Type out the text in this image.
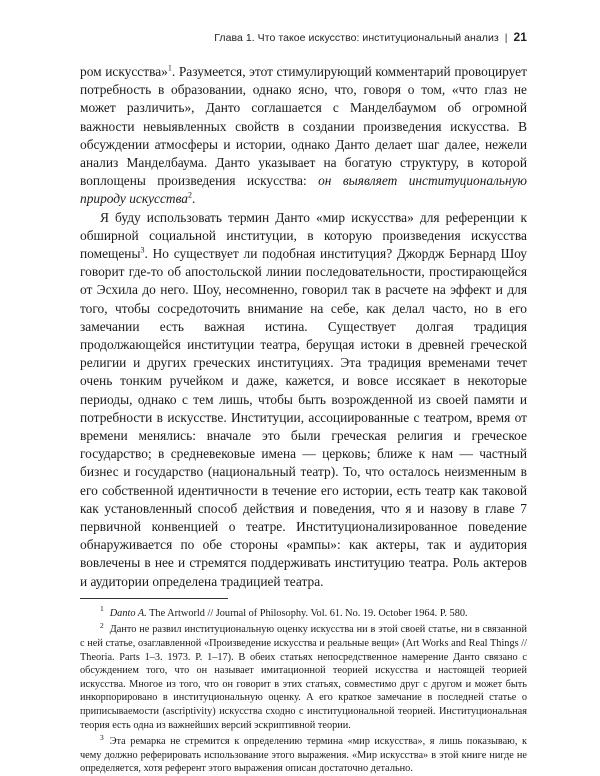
Глава 1. Что такое искусство: институциональный анализ | 21

ром искусства»$^1$. Разумеется, этот стимулирующий комментарий провоцирует потребность в образовании, однако ясно, что, говоря о том, «что глаз не может различить», Данто соглашается с Манделбаумом об огромной важности невыявленных свойств в создании произведения искусства. В обсуждении атмосферы и истории, однако Данто делает шаг далее, нежели анализ Манделбаума. Данто указывает на богатую структуру, в которой воплощены произведения искусства: он выявляет институциональную природу искусства$^2$.

Я буду использовать термин Данто «мир искусства» для референции к обширной социальной институции, в которую произведения искусства помещены$^3$. Но существует ли подобная институция? Джордж Бернард Шоу говорит где-то об апостольской линии последовательности, простирающейся от Эсхила до него. Шоу, несомненно, говорил так в расчете на эффект и для того, чтобы сосредоточить внимание на себе, как делал часто, но в его замечании есть важная истина. Существует долгая традиция продолжающейся институции театра, берущая истоки в древней греческой религии и других греческих институциях. Эта традиция временами течет очень тонким ручейком и даже, кажется, и вовсе иссякает в некоторые периоды, однако с тем лишь, чтобы быть возрожденной из своей памяти и потребности в искусстве. Институции, ассоциированные с театром, время от времени менялись: вначале это были греческая религия и греческое государство; в средневековые имена — церковь; ближе к нам — частный бизнес и государство (национальный театр). То, что осталось неизменным в его собственной идентичности в течение его истории, есть театр как таковой как установленный способ действия и поведения, что я и назову в главе 7 первичной конвенцией о театре. Институционализированное поведение обнаруживается по обе стороны «рампы»: как актеры, так и аудитория вовлечены в нее и стремятся поддерживать институцию театра. Роль актеров и аудитории определена традицией театра.

$^1$ Danto A. The Artworld // Journal of Philosophy. Vol. 61. No. 19. October 1964. P. 580.

$^2$ Данто не развил институциональную оценку искусства ни в этой своей статье, ни в связанной с ней статье, озаглавленной «Произведение искусства и реальные вещи» (Art Works and Real Things // Theoria. Parts 1–3. 1973. P. 1–17). В обеих статьях непосредственное намерение Данто связано с обсуждением того, что он называет имитационной теорией искусства и настоящей теорией искусства. Многое из того, что он говорит в этих статьях, совместимо друг с другом и может быть инкорпорировано в институциональную оценку. А его краткое замечание в последней статье о приписываемости (ascriptivity) искусства сходно с институциональной теорией. Институциональная теория есть одна из важнейших версий эскриптивной теории.

$^3$ Эта ремарка не стремится к определению термина «мир искусства», я лишь показываю, к чему должно реферировать использование этого выражения. «Мир искусства» в этой книге нигде не определяется, хотя референт этого выражения описан достаточно детально.
